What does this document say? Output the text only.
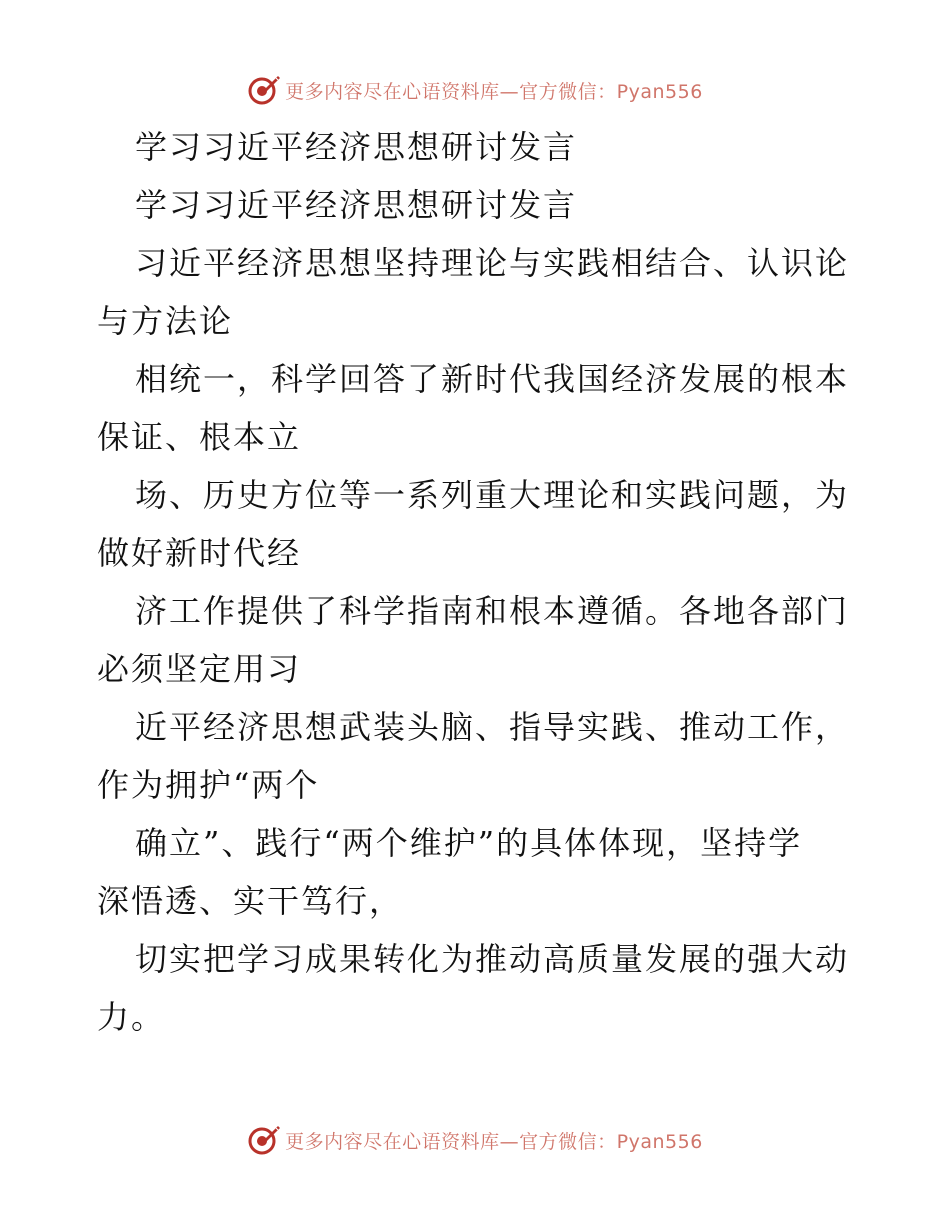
更多内容尽在心语资料库—官方微信：Pyan556
学习习近平经济思想研讨发言
学习习近平经济思想研讨发言
习近平经济思想坚持理论与实践相结合、认识论
与方法论
相统一，科学回答了新时代我国经济发展的根本
保证、根本立
场、历史方位等一系列重大理论和实践问题，为
做好新时代经
济工作提供了科学指南和根本遵循。各地各部门
必须坚定用习
近平经济思想武装头脑、指导实践、推动工作，
作为拥护“两个
确立”、践行“两个维护”的具体体现，坚持学
深悟透、实干笃行，
切实把学习成果转化为推动高质量发展的强大动
力。
更多内容尽在心语资料库—官方微信：Pyan556
